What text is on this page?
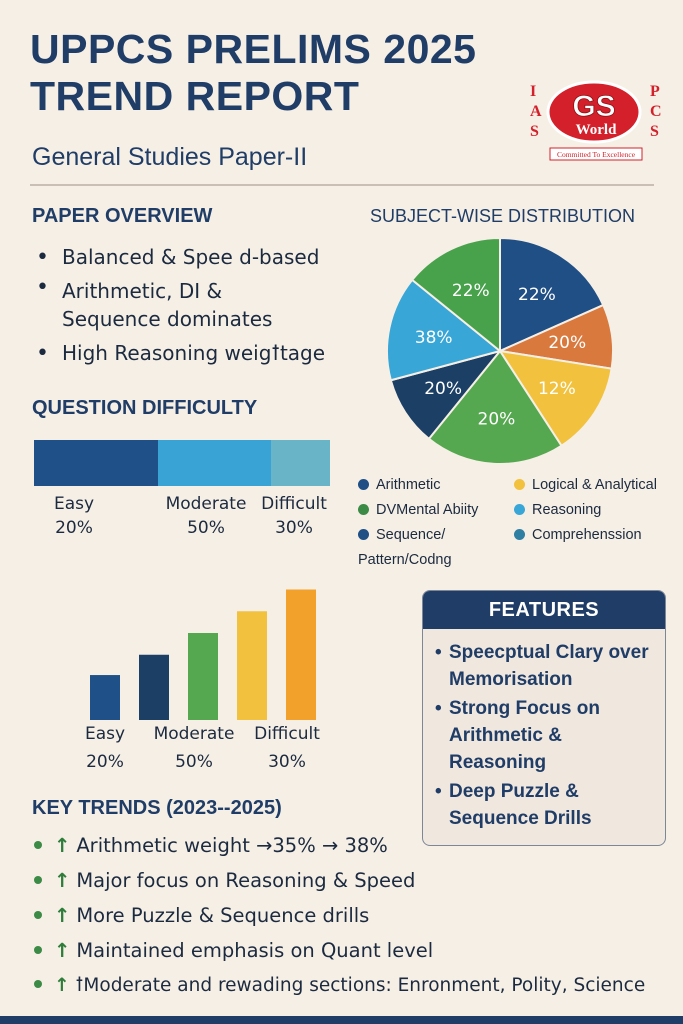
UPPCS PRELIMS 2025
TREND REPORT
General Studies Paper-II
I
A
S
P
C
S
GS
World
Committed To Excellence
PAPER OVERVIEW
• Balanced & Spee d-based
• Arithmetic, DI &
Sequence dominates
• High Reasoning weigꝉtage
QUESTION DIFFICULTY
Easy
20%
Moderate
50%
Difficult
30%
SUBJECT-WISE DISTRIBUTION
22%
20%
12%
20%
20%
38%
22%
Arithmetic	Logical & Analytical
DVMental Abiity	Reasoning
Sequence/
Pattern/Codng
Comprehenssion
Easy
20%
Moderate
50%
Difficult
30%
FEATURES
• Speecptual Clary over Memorisation
• Strong Focus on Arithmetic & Reasoning
• Deep Puzzle & Sequence Drills
KEY TRENDS (2023--2025)
↑ Arithmetic weight →35% → 38%
↑ Major focus on Reasoning & Speed
↑ More Puzzle & Sequence drills
↑ Maintained emphasis on Quant level
↑ ꝉModerate and rewading sections: Enronment, Polity, Science
